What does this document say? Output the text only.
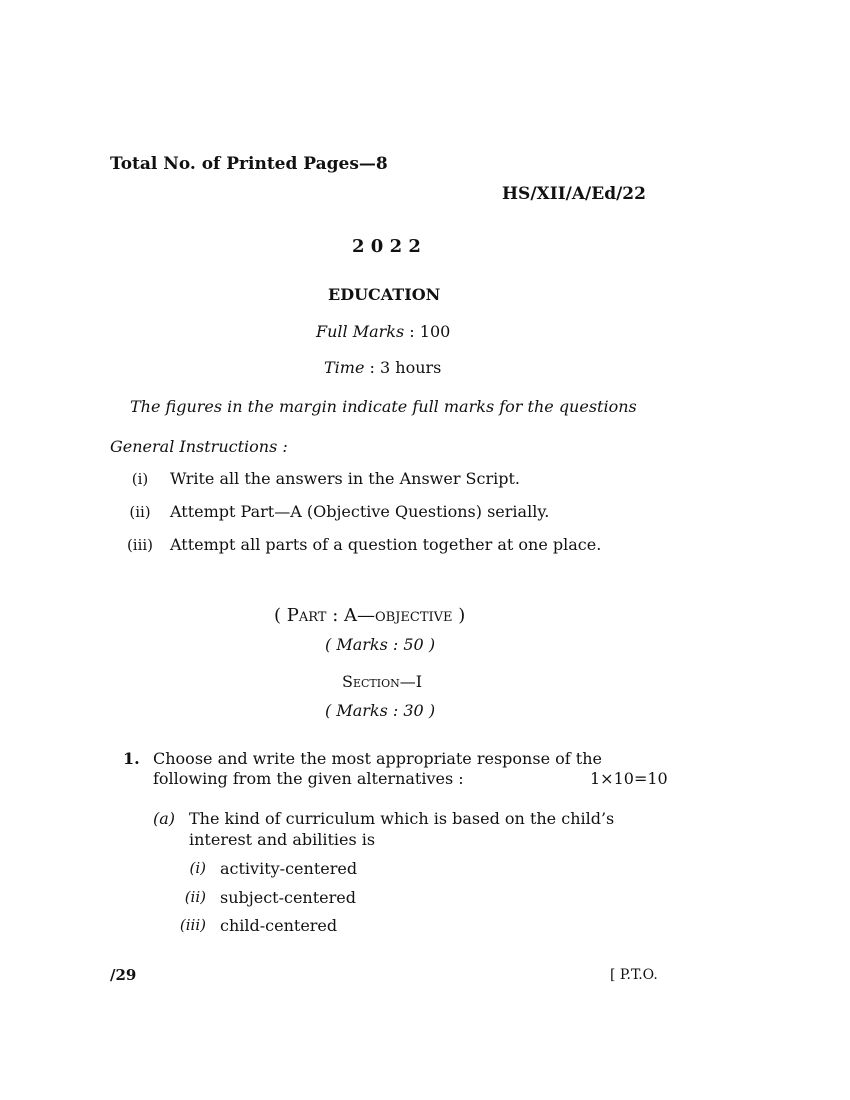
Total No. of Printed Pages—8
HS/XII/A/Ed/22
2 0 2 2
EDUCATION
Full Marks : 100
Time : 3 hours
The figures in the margin indicate full marks for the questions
General Instructions :
(i)	Write all the answers in the Answer Script.
(ii)	Attempt Part—A (Objective Questions) serially.
(iii)	Attempt all parts of a question together at one place.
( Part : A—objective )
( Marks : 50 )
Section—I
( Marks : 30 )
1. Choose and write the most appropriate response of the
following from the given alternatives :	1×10=10
(a) The kind of curriculum which is based on the child’s
interest and abilities is
(i) activity-centered
(ii) subject-centered
(iii) child-centered
/29	[ P.T.O.
